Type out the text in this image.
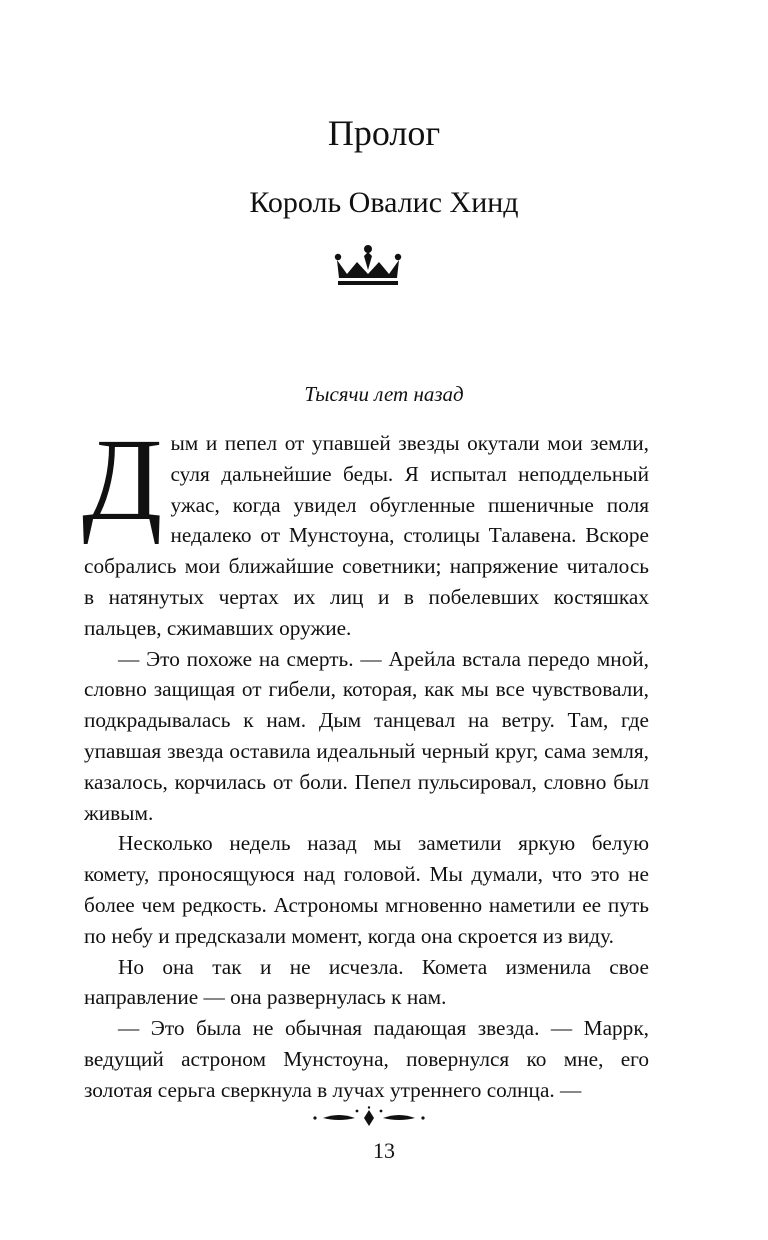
Пролог
Король Овалис Хинд
Тысячи лет назад

Дым и пепел от упавшей звезды окутали мои земли, суля дальнейшие беды. Я испытал неподдельный ужас, когда увидел обугленные пшеничные поля недалеко от Мунстоуна, столицы Талавена. Вскоре собрались мои ближайшие советники; напряжение читалось в натянутых чертах их лиц и в побелевших костяшках пальцев, сжимавших оружие.

— Это похоже на смерть. — Арейла встала передо мной, словно защищая от гибели, которая, как мы все чувствовали, подкрадывалась к нам. Дым танцевал на ветру. Там, где упавшая звезда оставила идеальный черный круг, сама земля, казалось, корчилась от боли. Пепел пульсировал, словно был живым.

Несколько недель назад мы заметили яркую белую комету, проносящуюся над головой. Мы думали, что это не более чем редкость. Астрономы мгновенно наметили ее путь по небу и предсказали момент, когда она скроется из виду.

Но она так и не исчезла. Комета изменила свое направление — она развернулась к нам.

— Это была не обычная падающая звезда. — Маррк, ведущий астроном Мунстоуна, повернулся ко мне, его золотая серьга сверкнула в лучах утреннего солнца. —

13
